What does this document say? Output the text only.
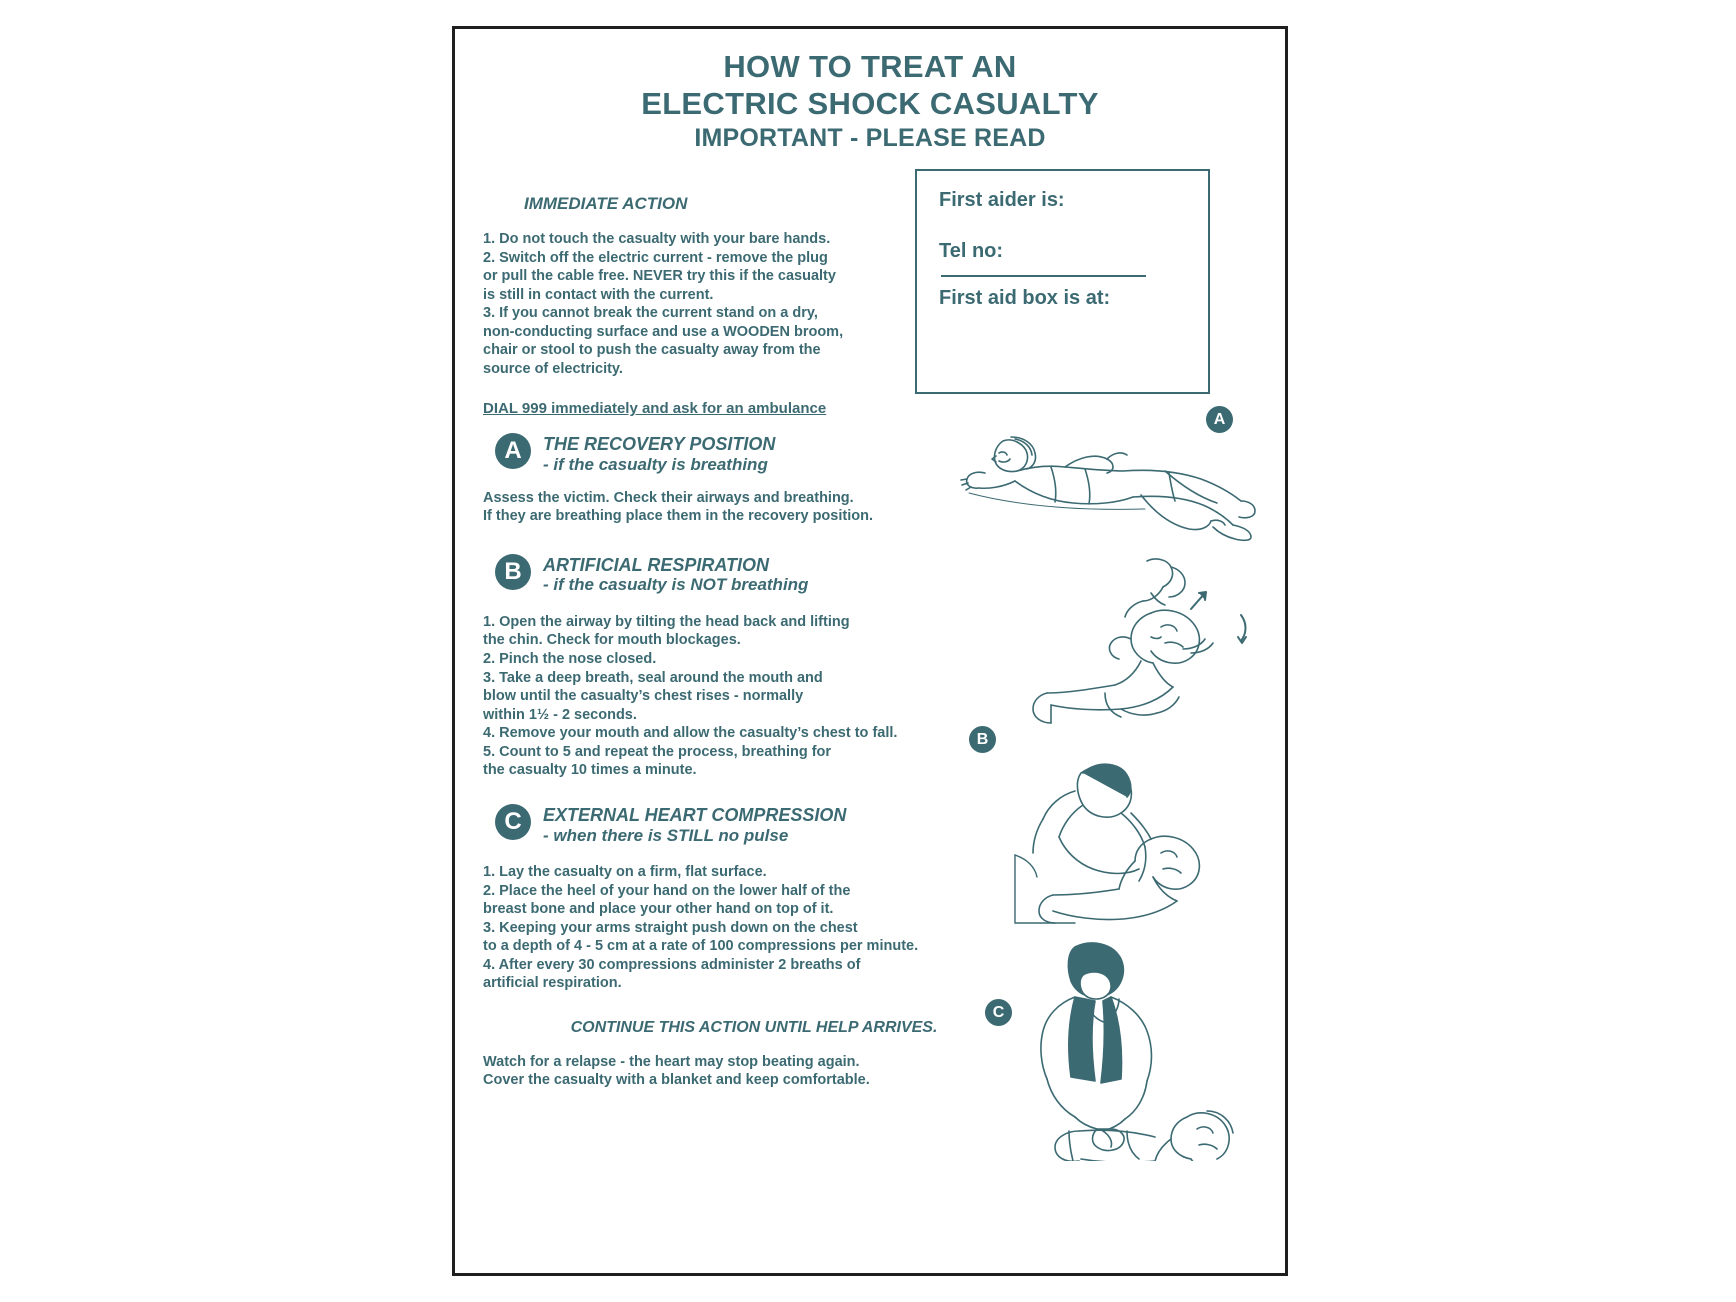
HOW TO TREAT AN
ELECTRIC SHOCK CASUALTY
IMPORTANT - PLEASE READ
First aider is:
Tel no:
First aid box is at:
IMMEDIATE ACTION

1. Do not touch the casualty with your bare hands.

2. Switch off the electric current - remove the plug

or pull the cable free. NEVER try this if the casualty

is still in contact with the current.

3. If you cannot break the current stand on a dry,

non-conducting surface and use a WOODEN broom,

chair or stool to push the casualty away from the

source of electricity.

DIAL 999 immediately and ask for an ambulance
A	THE RECOVERY POSITION
- if the casualty is breathing

Assess the victim. Check their airways and breathing.

If they are breathing place them in the recovery position.

B	ARTIFICIAL RESPIRATION
- if the casualty is NOT breathing

1. Open the airway by tilting the head back and lifting

the chin. Check for mouth blockages.

2. Pinch the nose closed.

3. Take a deep breath, seal around the mouth and

blow until the casualty’s chest rises - normally

within 1½ - 2 seconds.

4. Remove your mouth and allow the casualty’s chest to fall.

5. Count to 5 and repeat the process, breathing for

the casualty 10 times a minute.

C	EXTERNAL HEART COMPRESSION
- when there is STILL no pulse

1. Lay the casualty on a firm, flat surface.

2. Place the heel of your hand on the lower half of the

breast bone and place your other hand on top of it.

3. Keeping your arms straight push down on the chest

to a depth of 4 - 5 cm at a rate of 100 compressions per minute.

4. After every 30 compressions administer 2 breaths of

artificial respiration.

CONTINUE THIS ACTION UNTIL HELP ARRIVES.

Watch for a relapse - the heart may stop beating again.

Cover the casualty with a blanket and keep comfortable.

A
B
C
